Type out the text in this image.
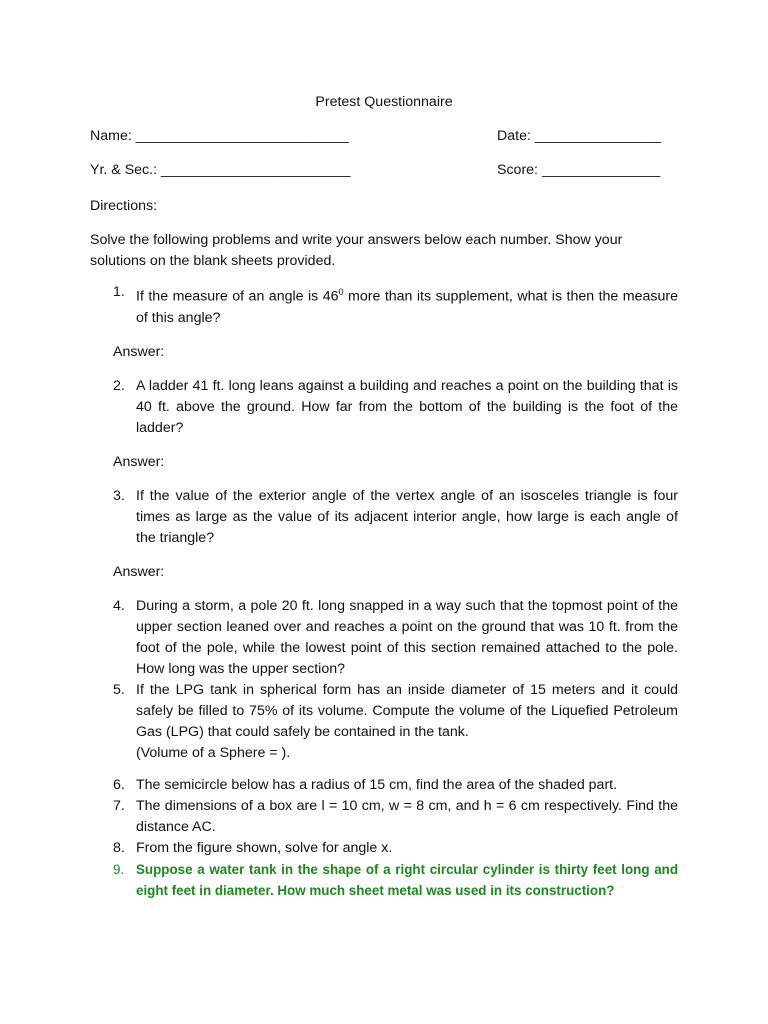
Pretest Questionnaire
Name: ___________________________	Date: ________________
Yr. & Sec.: ________________________	Score: _______________
Directions:
Solve the following problems and write your answers below each number. Show your solutions on the blank sheets provided.
1. If the measure of an angle is $46^0$ more than its supplement, what is then the measure of this angle?
Answer:
2. A ladder 41 ft. long leans against a building and reaches a point on the building that is 40 ft. above the ground. How far from the bottom of the building is the foot of the ladder?
Answer:
3. If the value of the exterior angle of the vertex angle of an isosceles triangle is four times as large as the value of its adjacent interior angle, how large is each angle of the triangle?
Answer:
4. During a storm, a pole 20 ft. long snapped in a way such that the topmost point of the upper section leaned over and reaches a point on the ground that was 10 ft. from the foot of the pole, while the lowest point of this section remained attached to the pole. How long was the upper section?
5. If the LPG tank in spherical form has an inside diameter of 15 meters and it could safely be filled to 75% of its volume. Compute the volume of the Liquefied Petroleum Gas (LPG) that could safely be contained in the tank.
(Volume of a Sphere = ).
6. The semicircle below has a radius of 15 cm, find the area of the shaded part.
7. The dimensions of a box are l = 10 cm, w = 8 cm, and h = 6 cm respectively. Find the distance AC.
8. From the figure shown, solve for angle x.
9. Suppose a water tank in the shape of a right circular cylinder is thirty feet long and eight feet in diameter. How much sheet metal was used in its construction?
